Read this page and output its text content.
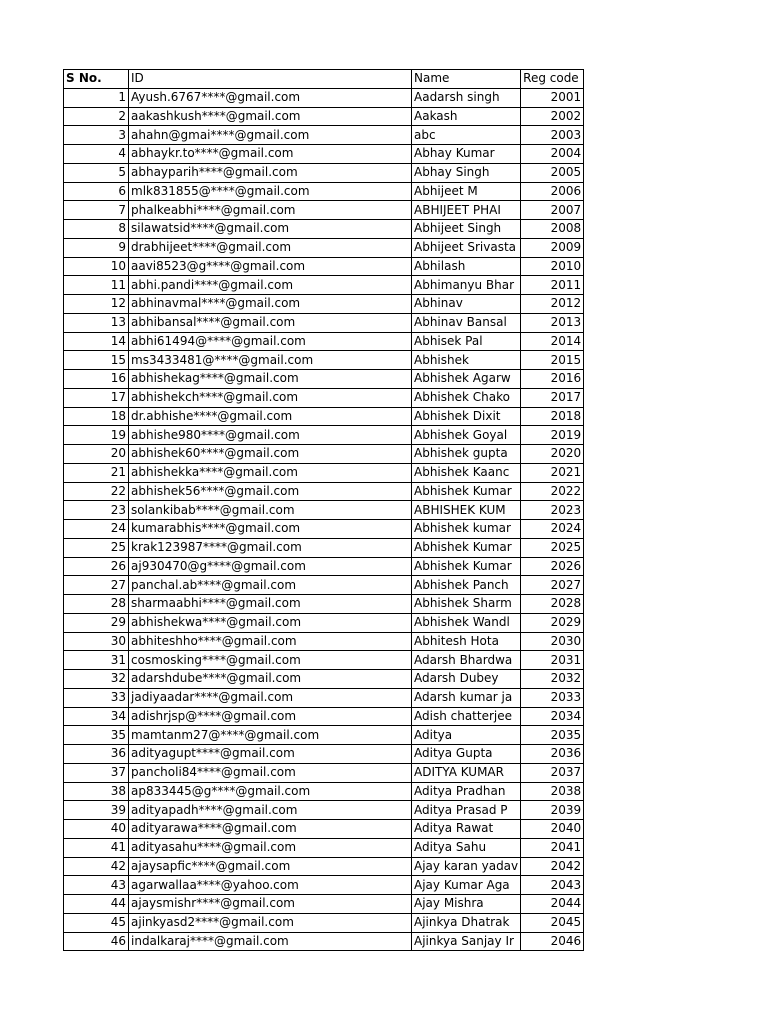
S No.	ID	Name	Reg code
1	Ayush.6767****@gmail.com	Aadarsh singh	2001
2	aakashkush****@gmail.com	Aakash	2002
3	ahahn@gmai****@gmail.com	abc	2003
4	abhaykr.to****@gmail.com	Abhay Kumar	2004
5	abhayparih****@gmail.com	Abhay Singh	2005
6	mlk831855@****@gmail.com	Abhijeet M	2006
7	phalkeabhi****@gmail.com	ABHIJEET PHAI	2007
8	silawatsid****@gmail.com	Abhijeet Singh	2008
9	drabhijeet****@gmail.com	Abhijeet Srivasta	2009
10	aavi8523@g****@gmail.com	Abhilash	2010
11	abhi.pandi****@gmail.com	Abhimanyu Bhar	2011
12	abhinavmal****@gmail.com	Abhinav	2012
13	abhibansal****@gmail.com	Abhinav Bansal	2013
14	abhi61494@****@gmail.com	Abhisek Pal	2014
15	ms3433481@****@gmail.com	Abhishek	2015
16	abhishekag****@gmail.com	Abhishek Agarw	2016
17	abhishekch****@gmail.com	Abhishek Chako	2017
18	dr.abhishe****@gmail.com	Abhishek Dixit	2018
19	abhishe980****@gmail.com	Abhishek Goyal	2019
20	abhishek60****@gmail.com	Abhishek gupta	2020
21	abhishekka****@gmail.com	Abhishek Kaanc	2021
22	abhishek56****@gmail.com	Abhishek Kumar	2022
23	solankibab****@gmail.com	ABHISHEK KUM	2023
24	kumarabhis****@gmail.com	Abhishek kumar	2024
25	krak123987****@gmail.com	Abhishek Kumar	2025
26	aj930470@g****@gmail.com	Abhishek Kumar	2026
27	panchal.ab****@gmail.com	Abhishek Panch	2027
28	sharmaabhi****@gmail.com	Abhishek Sharm	2028
29	abhishekwa****@gmail.com	Abhishek Wandl	2029
30	abhiteshho****@gmail.com	Abhitesh Hota	2030
31	cosmosking****@gmail.com	Adarsh Bhardwa	2031
32	adarshdube****@gmail.com	Adarsh Dubey	2032
33	jadiyaadar****@gmail.com	Adarsh kumar ja	2033
34	adishrjsp@****@gmail.com	Adish chatterjee	2034
35	mamtanm27@****@gmail.com	Aditya	2035
36	adityagupt****@gmail.com	Aditya Gupta	2036
37	pancholi84****@gmail.com	ADITYA KUMAR	2037
38	ap833445@g****@gmail.com	Aditya Pradhan	2038
39	adityapadh****@gmail.com	Aditya Prasad P	2039
40	adityarawa****@gmail.com	Aditya Rawat	2040
41	adityasahu****@gmail.com	Aditya Sahu	2041
42	ajaysapfic****@gmail.com	Ajay karan yadav	2042
43	agarwallaa****@yahoo.com	Ajay Kumar Aga	2043
44	ajaysmishr****@gmail.com	Ajay Mishra	2044
45	ajinkyasd2****@gmail.com	Ajinkya Dhatrak	2045
46	indalkaraj****@gmail.com	Ajinkya Sanjay Ir	2046
